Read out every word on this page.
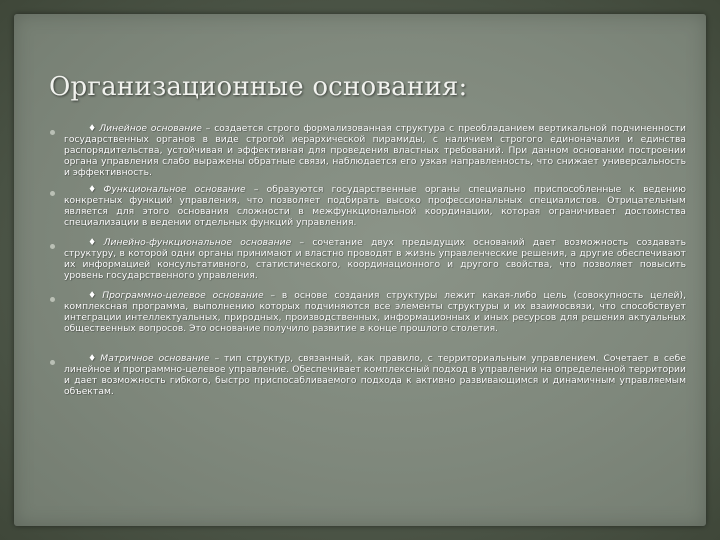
Организационные основания:
♦ Линейное основание – создается строго формализованная структура с преобладанием вертикальной подчиненности государственных органов в виде строгой иерархической пирамиды, с наличием строгого единоначалия и единства распорядительства, устойчивая и эффективная для проведения властных требований. При данном основании построении органа управления слабо выражены обратные связи, наблюдается его узкая направленность, что снижает универсальность и эффективность.
♦ Функциональное основание – образуются государственные органы специально приспособленные к ведению конкретных функций управления, что позволяет подбирать высоко профессиональных специалистов. Отрицательным является для этого основания сложности в межфункциональной координации, которая ограничивает достоинства специализации в ведении отдельных функций управления.
♦ Линейно-функциональное основание – сочетание двух предыдущих оснований дает возможность создавать структуру, в которой одни органы принимают и властно проводят в жизнь управленческие решения, а другие обеспечивают их информацией консультативного, статистического, координационного и другого свойства, что позволяет повысить уровень государственного управления.
♦ Программно-целевое основание – в основе создания структуры лежит какая-либо цель (совокупность целей), комплексная программа, выполнению которых подчиняются все элементы структуры и их взаимосвязи, что способствует интеграции интеллектуальных, природных, производственных, информационных и иных ресурсов для решения актуальных общественных вопросов. Это основание получило развитие в конце прошлого столетия.
♦ Матричное основание – тип структур, связанный, как правило, с территориальным управлением. Сочетает в себе линейное и программно-целевое управление. Обеспечивает комплексный подход в управлении на определенной территории и дает возможность гибкого, быстро приспосабливаемого подхода к активно развивающимся и динамичным управляемым объектам.
